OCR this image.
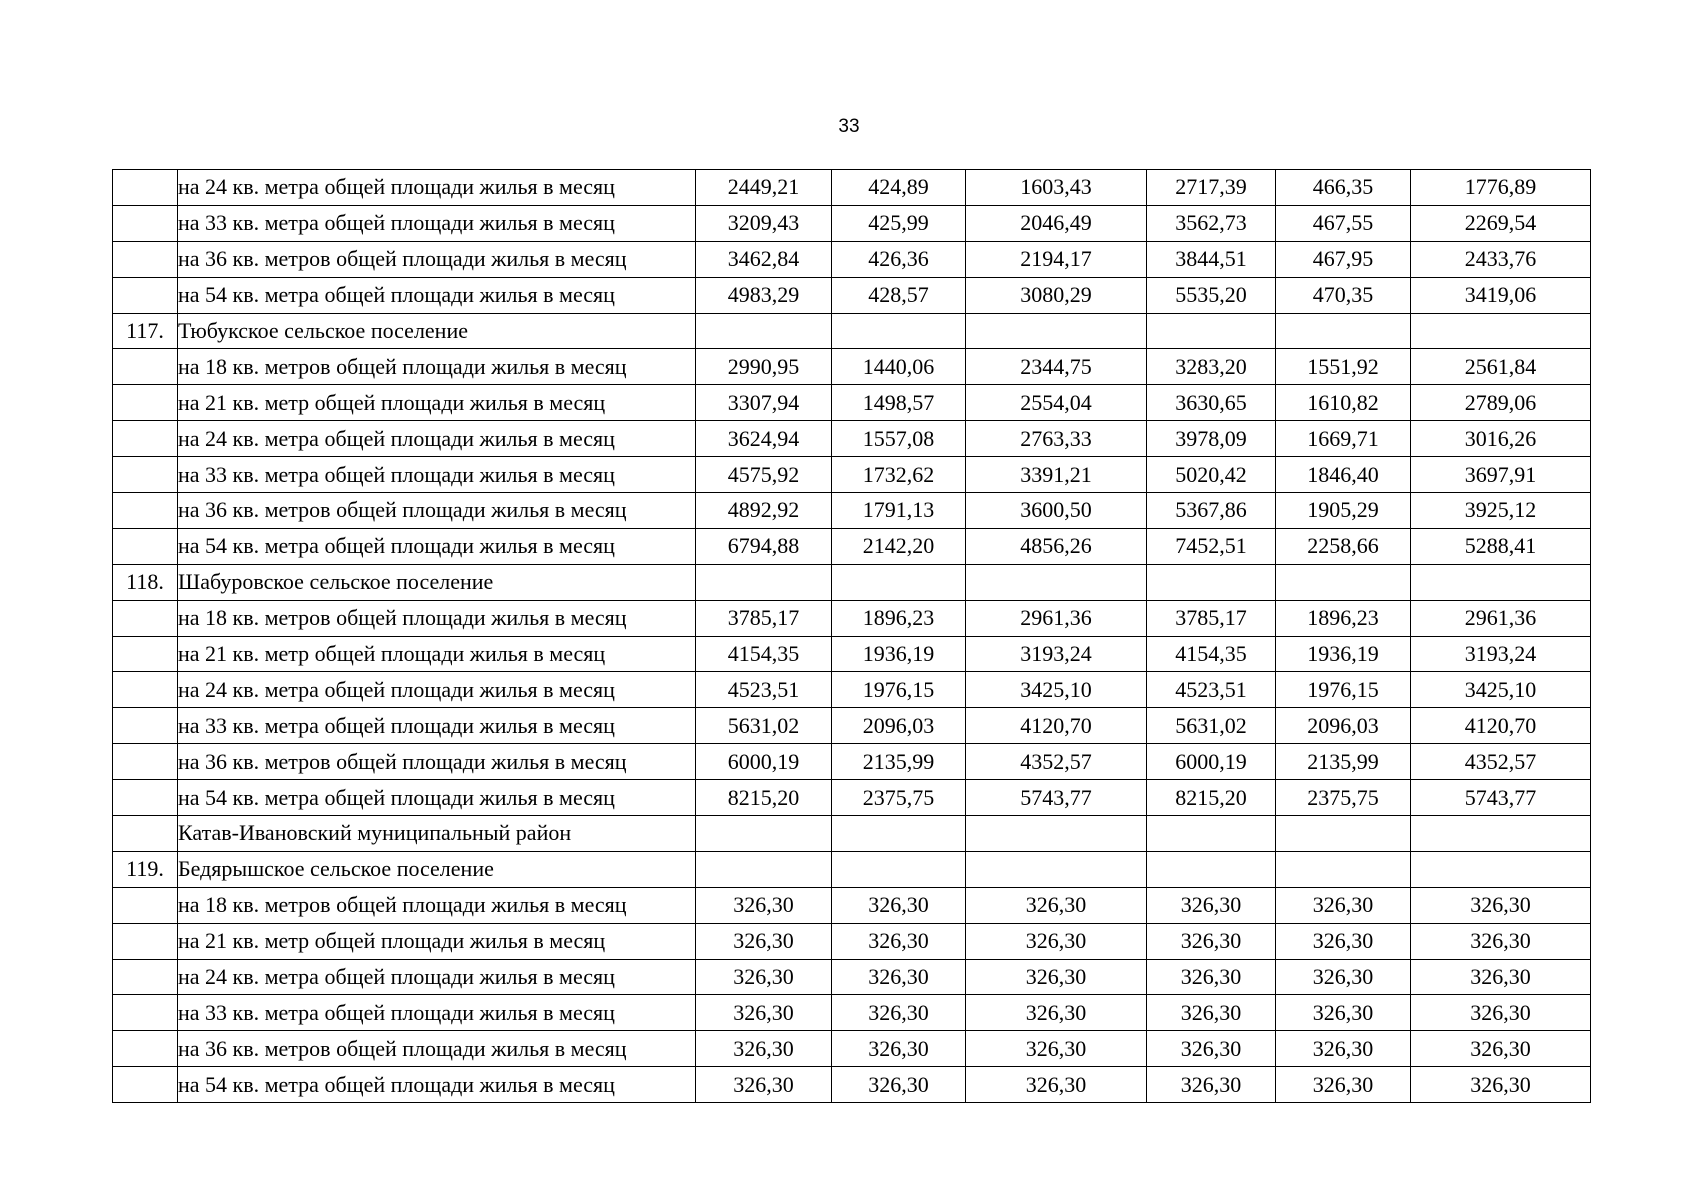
33
	на 24 кв. метра общей площади жилья в месяц	2449,21	424,89	1603,43	2717,39	466,35	1776,89
	на 33 кв. метра общей площади жилья в месяц	3209,43	425,99	2046,49	3562,73	467,55	2269,54
	на 36 кв. метров общей площади жилья в месяц	3462,84	426,36	2194,17	3844,51	467,95	2433,76
	на 54 кв. метра общей площади жилья в месяц	4983,29	428,57	3080,29	5535,20	470,35	3419,06
117.	Тюбукское сельское поселение						
	на 18 кв. метров общей площади жилья в месяц	2990,95	1440,06	2344,75	3283,20	1551,92	2561,84
	на 21 кв. метр общей площади жилья в месяц	3307,94	1498,57	2554,04	3630,65	1610,82	2789,06
	на 24 кв. метра общей площади жилья в месяц	3624,94	1557,08	2763,33	3978,09	1669,71	3016,26
	на 33 кв. метра общей площади жилья в месяц	4575,92	1732,62	3391,21	5020,42	1846,40	3697,91
	на 36 кв. метров общей площади жилья в месяц	4892,92	1791,13	3600,50	5367,86	1905,29	3925,12
	на 54 кв. метра общей площади жилья в месяц	6794,88	2142,20	4856,26	7452,51	2258,66	5288,41
118.	Шабуровское сельское поселение						
	на 18 кв. метров общей площади жилья в месяц	3785,17	1896,23	2961,36	3785,17	1896,23	2961,36
	на 21 кв. метр общей площади жилья в месяц	4154,35	1936,19	3193,24	4154,35	1936,19	3193,24
	на 24 кв. метра общей площади жилья в месяц	4523,51	1976,15	3425,10	4523,51	1976,15	3425,10
	на 33 кв. метра общей площади жилья в месяц	5631,02	2096,03	4120,70	5631,02	2096,03	4120,70
	на 36 кв. метров общей площади жилья в месяц	6000,19	2135,99	4352,57	6000,19	2135,99	4352,57
	на 54 кв. метра общей площади жилья в месяц	8215,20	2375,75	5743,77	8215,20	2375,75	5743,77
	Катав-Ивановский муниципальный район						
119.	Бедярышское сельское поселение						
	на 18 кв. метров общей площади жилья в месяц	326,30	326,30	326,30	326,30	326,30	326,30
	на 21 кв. метр общей площади жилья в месяц	326,30	326,30	326,30	326,30	326,30	326,30
	на 24 кв. метра общей площади жилья в месяц	326,30	326,30	326,30	326,30	326,30	326,30
	на 33 кв. метра общей площади жилья в месяц	326,30	326,30	326,30	326,30	326,30	326,30
	на 36 кв. метров общей площади жилья в месяц	326,30	326,30	326,30	326,30	326,30	326,30
	на 54 кв. метра общей площади жилья в месяц	326,30	326,30	326,30	326,30	326,30	326,30
